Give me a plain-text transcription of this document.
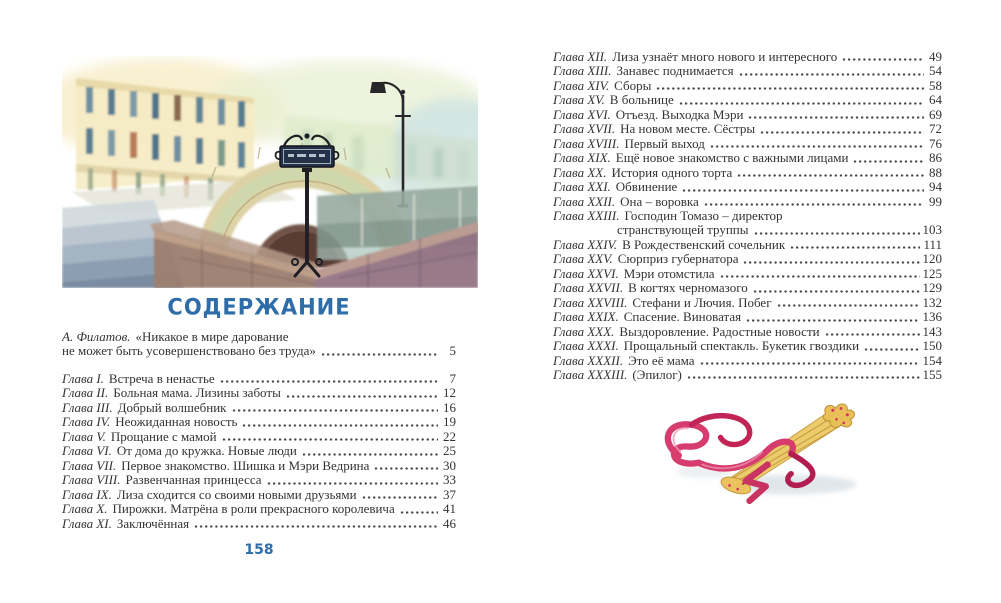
СОДЕРЖАНИЕ
А. Филатов. «Никакое в мире дарование
не может быть усовершенствовано без труда»	5
Глава I. Встреча в ненастье	7
Глава II. Больная мама. Лизины заботы	12
Глава III. Добрый волшебник	16
Глава IV. Неожиданная новость	19
Глава V. Прощание с мамой	22
Глава VI. От дома до кружка. Новые люди	25
Глава VII. Первое знакомство. Шишка и Мэри Ведрина	30
Глава VIII. Развенчанная принцесса	33
Глава IX. Лиза сходится со своими новыми друзьями	37
Глава X. Пирожки. Матрёна в роли прекрасного королевича	41
Глава XI. Заключённая	46
158
Глава XII. Лиза узнаёт много нового и интересного	49
Глава XIII. Занавес поднимается	54
Глава XIV. Сборы	58
Глава XV. В больнице	64
Глава XVI. Отъезд. Выходка Мэри	69
Глава XVII. На новом месте. Сёстры	72
Глава XVIII. Первый выход	76
Глава XIX. Ещё новое знакомство с важными лицами	86
Глава XX. История одного торта	88
Глава XXI. Обвинение	94
Глава XXII. Она – воровка	99
Глава XXIII. Господин Томазо – директор
странствующей труппы	103
Глава XXIV. В Рождественский сочельник	111
Глава XXV. Сюрприз губернатора	120
Глава XXVI. Мэри отомстила	125
Глава XXVII. В когтях черномазого	129
Глава XXVIII. Стефани и Лючия. Побег	132
Глава XXIX. Спасение. Виноватая	136
Глава XXX. Выздоровление. Радостные новости	143
Глава XXXI. Прощальный спектакль. Букетик гвоздики	150
Глава XXXII. Это её мама	154
Глава XXXIII. (Эпилог)	155
